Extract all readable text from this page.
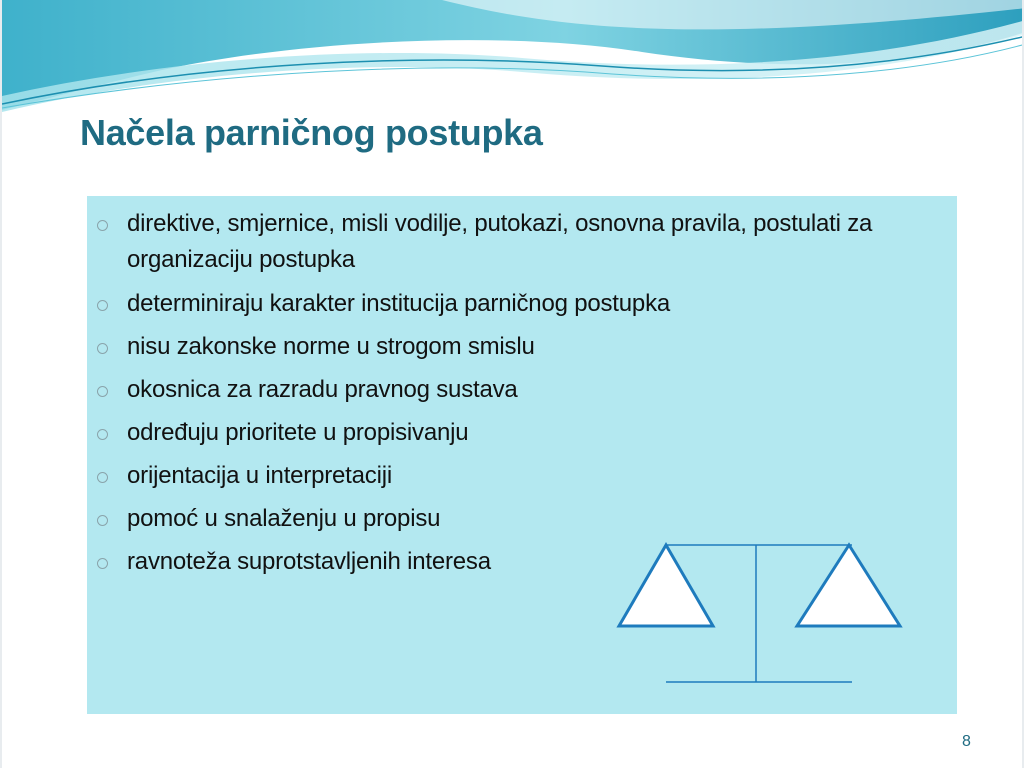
Načela parničnog postupka
direktive, smjernice, misli vodilje, putokazi, osnovna pravila, postulati za organizaciju postupka
determiniraju karakter institucija parničnog postupka
nisu zakonske norme u strogom smislu
okosnica za razradu pravnog sustava
određuju prioritete u propisivanju
orijentacija u interpretaciji
pomoć u snalaženju u propisu
ravnoteža suprotstavljenih interesa
8
